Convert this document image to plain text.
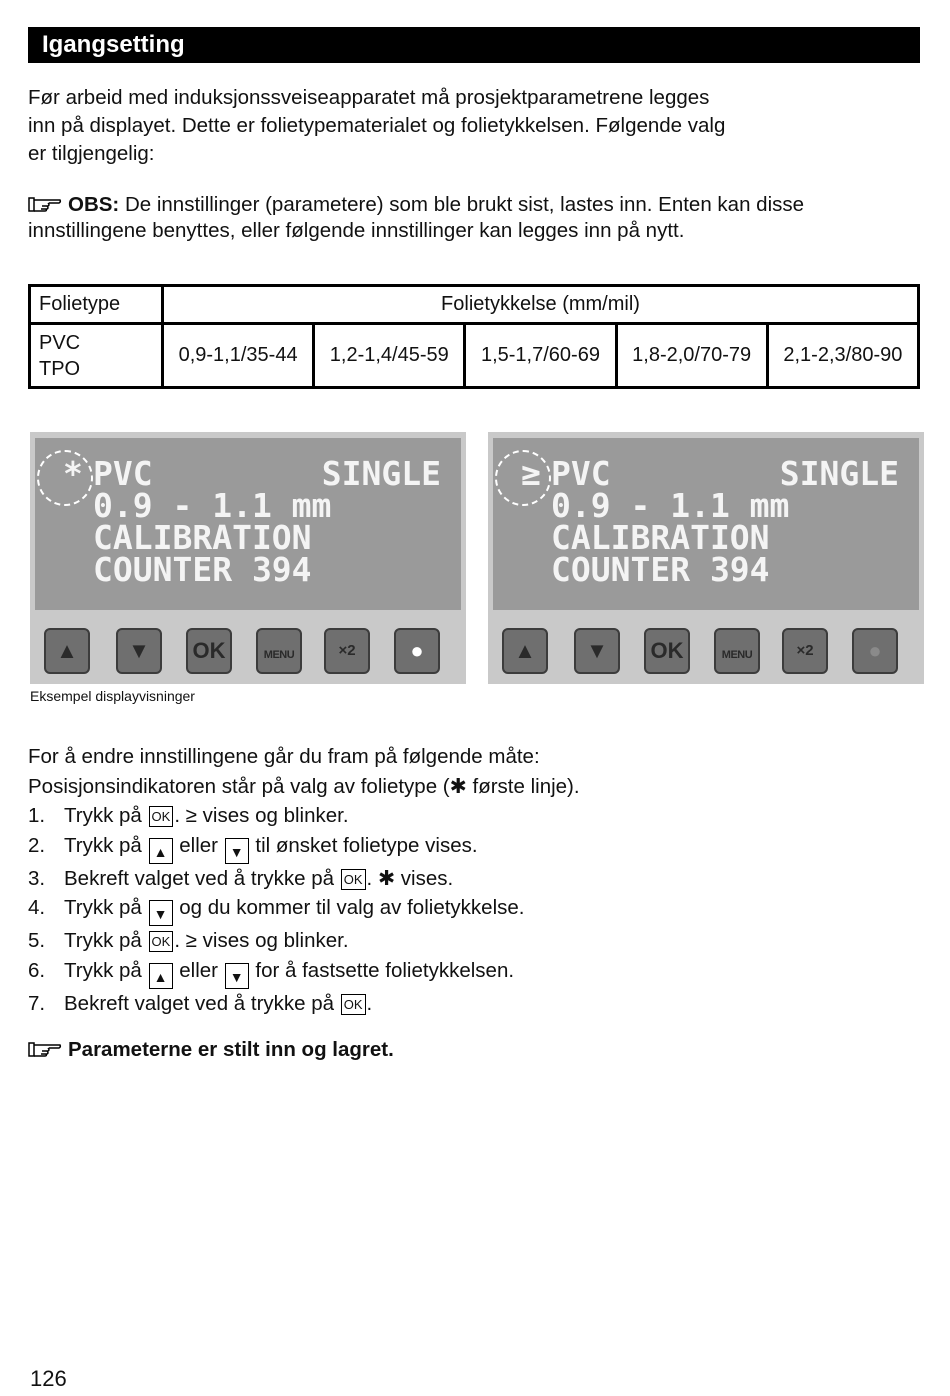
Igangsetting

Før arbeid med induksjonssveiseapparatet må prosjektparametrene legges
inn på displayet. Dette er folietypematerialet og folietykkelsen. Følgende valg
er tilgjengelig:

OBS: De innstillinger (parametere) som ble brukt sist, lastes inn. Enten kan disse
innstillingene benyttes, eller følgende innstillinger kan legges inn på nytt.

Folietype	Folietykkelse (mm/mil)				
PVC
TPO	0,9-1,1/35-44	1,2-1,4/45-59	1,5-1,7/60-69	1,8-2,0/70-79	2,1-2,3/80-90
* PVC	SINGLE
0.9 - 1.1 mm
CALIBRATION
COUNTER 394
▲	▼	OK	MENU	×2	●
≥ PVC	SINGLE
0.9 - 1.1 mm
CALIBRATION
COUNTER 394
▲	▼	OK	MENU	×2	●
Eksempel displayvisninger

For å endre innstillingene går du fram på følgende måte:
Posisjonsindikatoren står på valg av folietype (✱ første linje).

1. Trykk på OK . ≥ vises og blinker.
2. Trykk på ▲ eller ▼ til ønsket folietype vises.
3. Bekreft valget ved å trykke på OK . ✱ vises.
4. Trykk på ▼ og du kommer til valg av folietykkelse.
5. Trykk på OK . ≥ vises og blinker.
6. Trykk på ▲ eller ▼ for å fastsette folietykkelsen.
7. Bekreft valget ved å trykke på OK .

Parameterne er stilt inn og lagret.

126
